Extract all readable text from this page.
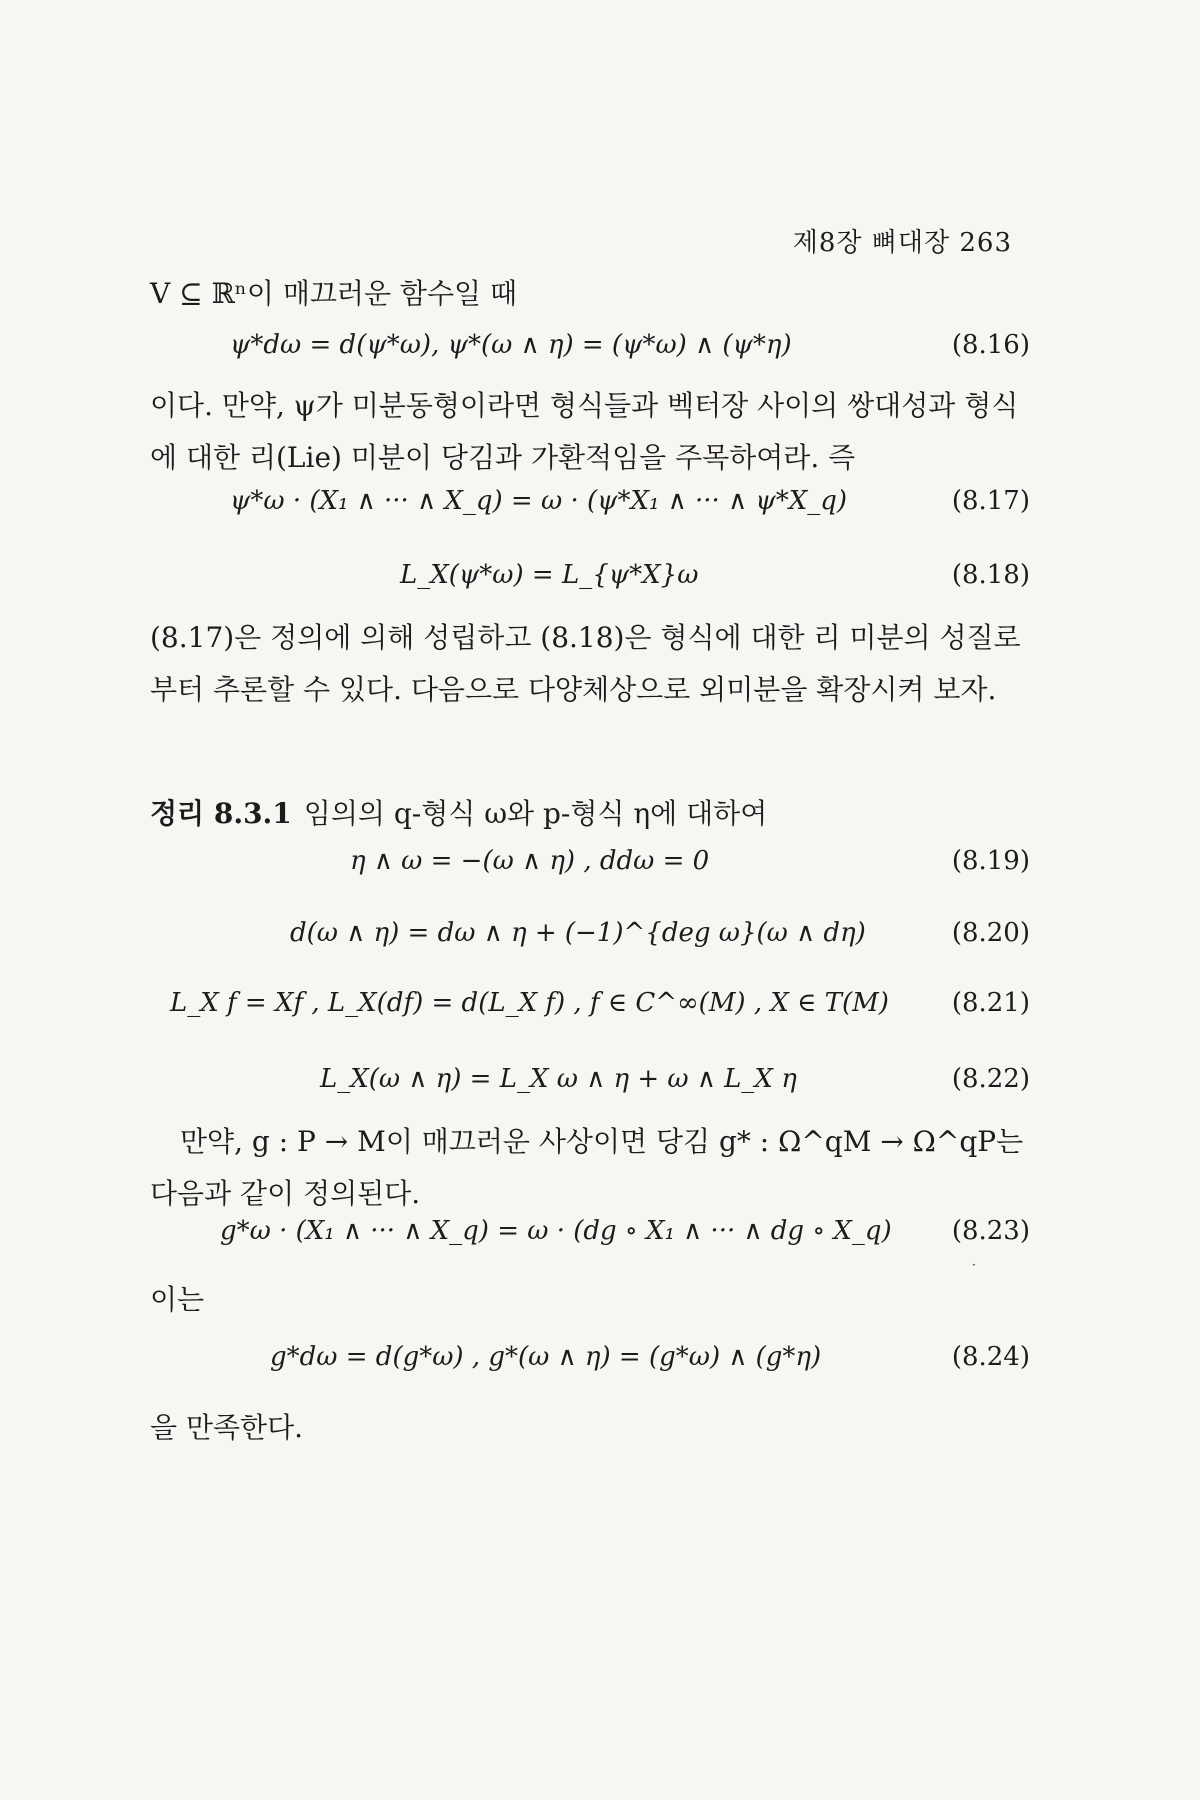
제8장 뼈대장 263
V ⊆ ℝⁿ이 매끄러운 함수일 때
ψ*dω = d(ψ*ω), ψ*(ω ∧ η) = (ψ*ω) ∧ (ψ*η)	(8.16)
이다. 만약, ψ가 미분동형이라면 형식들과 벡터장 사이의 쌍대성과 형식에 대한 리(Lie) 미분이 당김과 가환적임을 주목하여라. 즉
ψ*ω · (X₁ ∧ ··· ∧ X_q) = ω · (ψ*X₁ ∧ ··· ∧ ψ*X_q)	(8.17)
L_X(ψ*ω) = L_{ψ*X}ω	(8.18)
(8.17)은 정의에 의해 성립하고 (8.18)은 형식에 대한 리 미분의 성질로부터 추론할 수 있다. 다음으로 다양체상으로 외미분을 확장시켜 보자.
정리 8.3.1 임의의 q-형식 ω와 p-형식 η에 대하여
η ∧ ω = −(ω ∧ η) , ddω = 0	(8.19)
d(ω ∧ η) = dω ∧ η + (−1)^{deg ω}(ω ∧ dη)	(8.20)
L_X f = Xf , L_X(df) = d(L_X f) , f ∈ C^∞(M) , X ∈ T(M) (8.21)
L_X(ω ∧ η) = L_X ω ∧ η + ω ∧ L_X η	(8.22)
·
만약, g : P → M이 매끄러운 사상이면 당김 g* : Ω^qM → Ω^qP는 다음과 같이 정의된다.
g*ω · (X₁ ∧ ··· ∧ X_q) = ω · (dg ∘ X₁ ∧ ··· ∧ dg ∘ X_q) (8.23)
이는
g*dω = d(g*ω) , g*(ω ∧ η) = (g*ω) ∧ (g*η)	(8.24)
을 만족한다.
